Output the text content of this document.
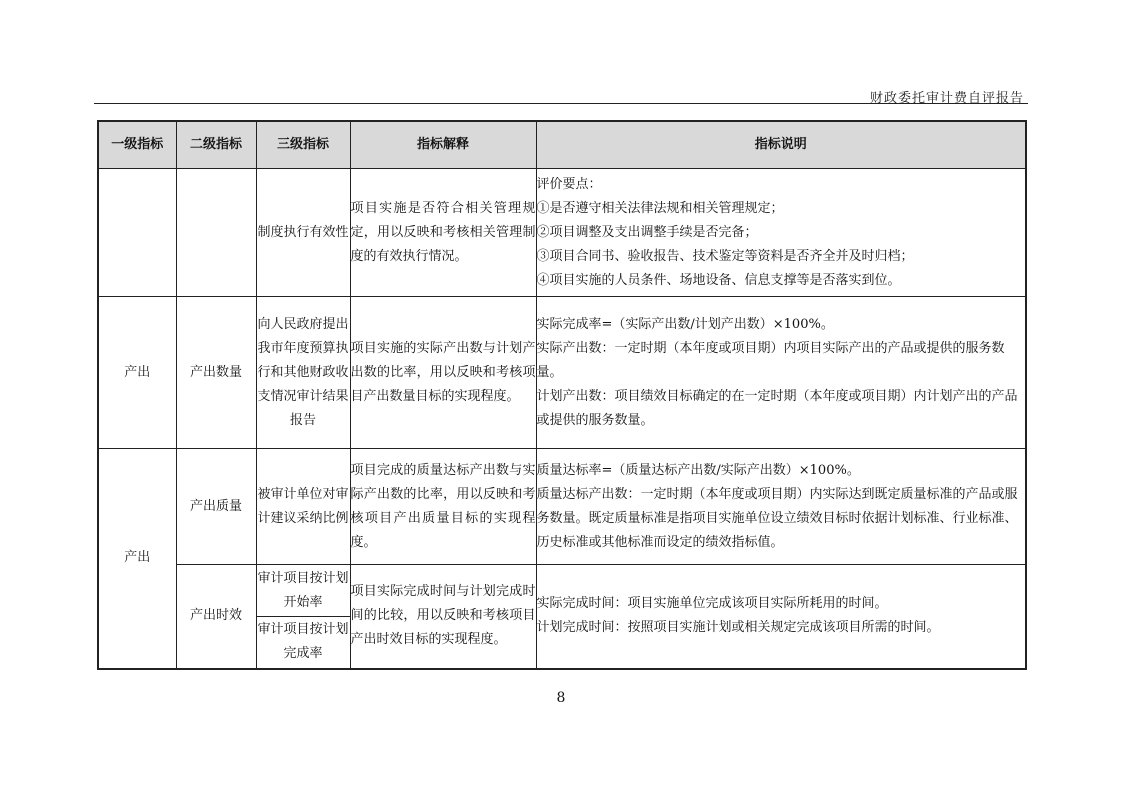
财政委托审计费自评报告
一级指标	二级指标	三级指标	指标解释	指标说明
		制度执行有效性	项目实施是否符合相关管理规定，用以反映和考核相关管理制度的有效执行情况。	评价要点：

①是否遵守相关法律法规和相关管理规定；

②项目调整及支出调整手续是否完备；

③项目合同书、验收报告、技术鉴定等资料是否齐全并及时归档；

④项目实施的人员条件、场地设备、信息支撑等是否落实到位。

产出	产出数量	向人民政府提出我市年度预算执行和其他财政收支情况审计结果报告	项目实施的实际产出数与计划产出数的比率，用以反映和考核项目产出数量目标的实现程度。	实际完成率=（实际产出数/计划产出数）×100%。

实际产出数：一定时期（本年度或项目期）内项目实际产出的产品或提供的服务数量。

计划产出数：项目绩效目标确定的在一定时期（本年度或项目期）内计划产出的产品或提供的服务数量。

产出	产出质量	被审计单位对审计建议采纳比例	项目完成的质量达标产出数与实际产出数的比率，用以反映和考核项目产出质量目标的实现程度。	质量达标率=（质量达标产出数/实际产出数）×100%。

质量达标产出数：一定时期（本年度或项目期）内实际达到既定质量标准的产品或服务数量。既定质量标准是指项目实施单位设立绩效目标时依据计划标准、行业标准、历史标准或其他标准而设定的绩效指标值。

	产出时效	审计项目按计划开始率	项目实际完成时间与计划完成时间的比较，用以反映和考核项目产出时效目标的实现程度。	实际完成时间：项目实施单位完成该项目实际所耗用的时间。

计划完成时间：按照项目实施计划或相关规定完成该项目所需的时间。

		审计项目按计划完成率		
8
